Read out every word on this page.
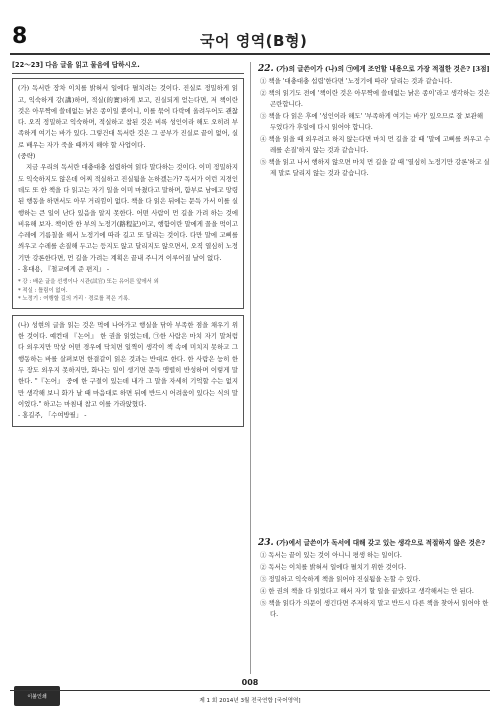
8	국어 영역(B형)
[22～23] 다음 글을 읽고 물음에 답하시오.

(가) 독서란 장차 이치를 밝혀서 일에다 펼치려는 것이다. 진실로 정밀하게 읽고, 익숙하게 강(講)하며, 적실(的實)하게 보고, 진실되게 얻는다면, 저 책이란 것은 아무짝에 쓸데없는 낡은 종이일 뿐이니, 이를 묶어 다락에 올려두어도 괜찮다. 오직 정밀하고 익숙하며, 적실하고 참된 것은 비록 성인이라 해도 오히려 부족하게 여기는 바가 있다. 그렇건대 독서란 것은 그 공부가 진실로 끝이 없어, 실로 배우는 자가 죽을 때까지 해야 할 사업이다.

(중략)

지금 우리의 독서란 대충대충 섭렵하여 읽다 말다하는 것이다. 이미 정밀하지도 익숙하지도 않은데 어찌 적실하고 진실됨을 논하겠는가? 독서가 이런 지경인데도 또 한 책을 다 읽고는 자기 일을 이미 마쳤다고 말하며, 함부로 남에고 망령된 행동을 하면서도 아무 거리낌이 없다. 책을 다 읽은 뒤에는 문득 가서 이를 실행하는 큰 일이 난다 있음을 알지 못한다. 어떤 사람이 먼 길을 가려 하는 것에 비유해 보자. 책이란 한 부의 노정기(路程記)이고, 행함이란 말에게 꼴을 먹이고 수레에 기름칠을 해서 노정기에 따라 길고 또 달리는 것이다. 다만 말에 고삐를 씌우고 수레를 손질해 두고는 등지도 않고 달리지도 않으면서, 오직 열심히 노정기만 강론한다면, 먼 길을 가려는 계획은 끝내 주니겨 이루어질 날이 없다.

- 홍대용, 『철교에게 준 편지』 -

* 강 : 배운 글을 선생이나 시관(試官) 또는 유어른 앞에서 외
* 적실 : 틀림이 없어.
* 노정기 : 여행할 길의 거리 · 경로를 적은 기록.

(나) 성현의 글을 읽는 것은 먹에 나아가고 행실을 닦아 부족한 점을 채우기 위한 것이다. 예컨대 『논어』 한 권을 읽었는데, ㉠한 사람은 마치 자기 말처럼 다 외우지만 막상 어떤 경우에 닥치면 일찍이 생각이 책 속에 미치지 못하고 그 행동하는 바를 살펴보면 한결같이 읽은 것과는 반대로 한다. 한 사람은 능히 한두 장도 외우지 못하지만, 화나는 일이 생기면 문득 맹렬히 반성하며 이렇게 말한다. "『논어』 중에 한 구절이 있는데 내가 그 말을 자세히 기억할 수는 없지만 생각해 보니 화가 날 때 마음대로 하면 뒤에 반드시 어려움이 있다는 식의 말이었다." 하고는 마침내 참고 이를 가라앉혔다.

- 홍길주, 「수여방필」 -

22. (가)의 글쓴이가 (나)의 ㉠에게 조언할 내용으로 가장 적절한 것은? [3점]
① 책을 '대충대충 섭렵'한다면 '노정기에 따라' 달리는 것과 같습니다.
② 책의 읽기도 전에 '책이란 것은 아무짝에 쓸데없는 낡은 종이'라고 생각하는 것은 곤란합니다.
③ 책을 다 읽은 후에 '성인이라 해도' '부족하게 여기는 바가' 있으므로 잘 보관해 두었다가 후일에 다시 읽어야 합니다.
④ 책을 읽을 때 외우려고 하지 않는다면 마치 먼 길을 갈 때 '말에 고삐를 씌우고 수레를 손질'하지 않는 것과 같습니다.
⑤ 책을 읽고 나서 행하지 않으면 마치 먼 길을 갈 때 '열심히 노정기만 강론'하고 실제 말로 달리지 않는 것과 같습니다.
23. (가)에서 글쓴이가 독서에 대해 갖고 있는 생각으로 적절하지 않은 것은?
① 독서는 끝이 있는 것이 아니니 평생 하는 일이다.
② 독서는 이치를 밝혀서 일에다 펼치기 위한 것이다.
③ 정밀하고 익숙하게 책을 읽어야 진실됨을 논할 수 있다.
④ 한 권의 책을 다 읽었다고 해서 자기 할 일을 끝냈다고 생각해서는 안 된다.
⑤ 책을 읽다가 의문이 생긴다면 주저하지 말고 반드시 다른 책을 찾아서 읽어야 한다.
이불인쇄
008
제 1 회 2014년 3월 전국연합 [국어영역]
